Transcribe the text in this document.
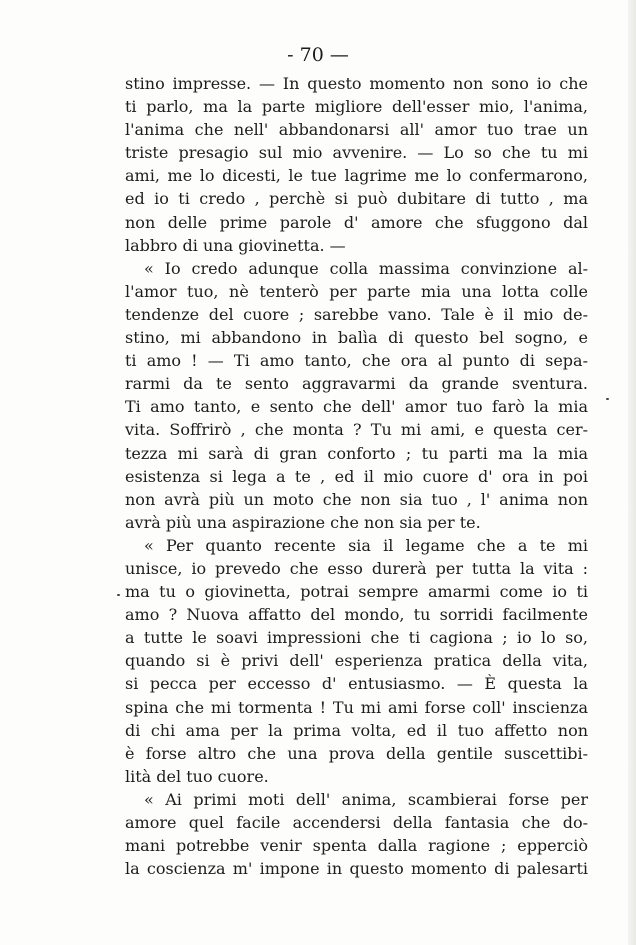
- 70 —

stino impresse. — In questo momento non sono io che
ti parlo, ma la parte migliore dell'esser mio, l'anima,
l'anima che nell' abbandonarsi all' amor tuo trae un
triste presagio sul mio avvenire. — Lo so che tu mi
ami, me lo dicesti, le tue lagrime me lo confermarono,
ed io ti credo , perchè si può dubitare di tutto , ma
non delle prime parole d' amore che sfuggono dal
labbro di una giovinetta. —
« Io credo adunque colla massima convinzione al-
l'amor tuo, nè tenterò per parte mia una lotta colle
tendenze del cuore ; sarebbe vano. Tale è il mio de-
stino, mi abbandono in balìa di questo bel sogno, e
ti amo ! — Ti amo tanto, che ora al punto di sepa-
rarmi da te sento aggravarmi da grande sventura.
Ti amo tanto, e sento che dell' amor tuo farò la mia
vita. Soffrirò , che monta ? Tu mi ami, e questa cer-
tezza mi sarà di gran conforto ; tu parti ma la mia
esistenza si lega a te , ed il mio cuore d' ora in poi
non avrà più un moto che non sia tuo , l' anima non
avrà più una aspirazione che non sia per te.
« Per quanto recente sia il legame che a te mi
unisce, io prevedo che esso durerà per tutta la vita :
ma tu o giovinetta, potrai sempre amarmi come io ti
amo ? Nuova affatto del mondo, tu sorridi facilmente
a tutte le soavi impressioni che ti cagiona ; io lo so,
quando si è privi dell' esperienza pratica della vita,
si pecca per eccesso d' entusiasmo. — È questa la
spina che mi tormenta ! Tu mi ami forse coll' inscienza
di chi ama per la prima volta, ed il tuo affetto non
è forse altro che una prova della gentile suscettibi-
lità del tuo cuore.
« Ai primi moti dell' anima, scambierai forse per
amore quel facile accendersi della fantasia che do-
mani potrebbe venir spenta dalla ragione ; epperciò
la coscienza m' impone in questo momento di palesarti
